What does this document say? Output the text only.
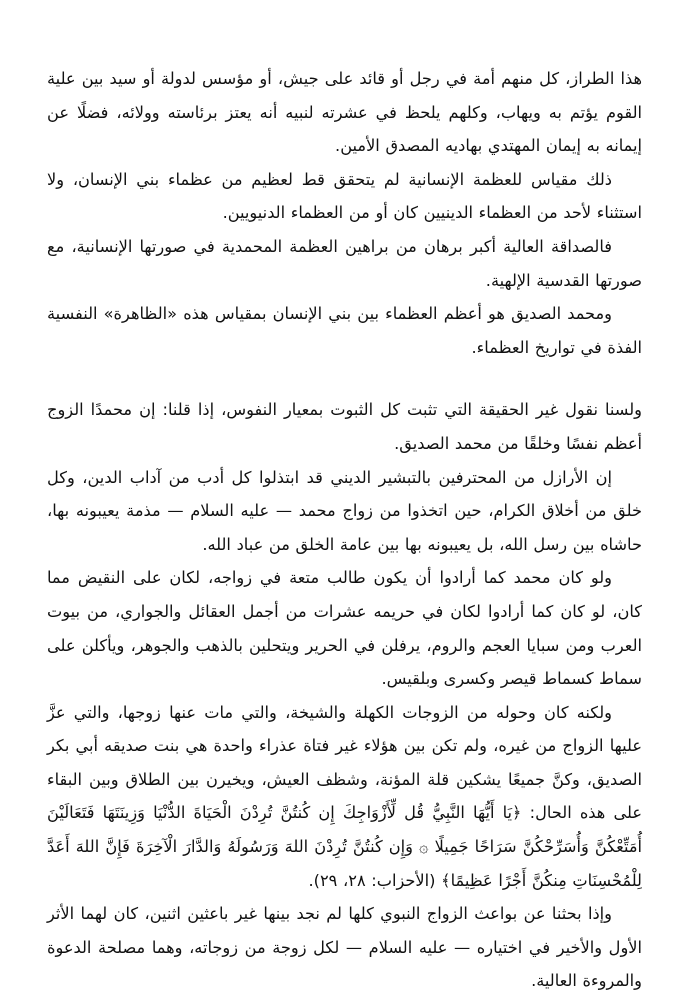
هذا الطراز، كل منهم أمة في رجل أو قائد على جيش، أو مؤسس لدولة أو سيد بين علية القوم يؤتم به ويهاب، وكلهم يلحظ في عشرته لنبيه أنه يعتز برئاسته وولائه، فضلًا عن إيمانه به إيمان المهتدي بهاديه المصدق الأمين.

ذلك مقياس للعظمة الإنسانية لم يتحقق قط لعظيم من عظماء بني الإنسان، ولا استثناء لأحد من العظماء الدينيين كان أو من العظماء الدنيويين.

فالصداقة العالية أكبر برهان من براهين العظمة المحمدية في صورتها الإنسانية، مع صورتها القدسية الإلهية.

ومحمد الصديق هو أعظم العظماء بين بني الإنسان بمقياس هذه «الظاهرة» النفسية الفذة في تواريخ العظماء.

ولسنا نقول غير الحقيقة التي تثبت كل الثبوت بمعيار النفوس، إذا قلنا: إن محمدًا الزوج أعظم نفسًا وخلقًا من محمد الصديق.

إن الأرازل من المحترفين بالتبشير الديني قد ابتذلوا كل أدب من آداب الدين، وكل خلق من أخلاق الكرام، حين اتخذوا من زواج محمد — عليه السلام — مذمة يعيبونه بها، حاشاه بين رسل الله، بل يعيبونه بها بين عامة الخلق من عباد الله.

ولو كان محمد كما أرادوا أن يكون طالب متعة في زواجه، لكان على النقيض مما كان، لو كان كما أرادوا لكان في حريمه عشرات من أجمل العقائل والجواري، من بيوت العرب ومن سبايا العجم والروم، يرفلن في الحرير ويتحلين بالذهب والجوهر، ويأكلن على سماط كسماط قيصر وكسرى وبلقيس.

ولكنه كان وحوله من الزوجات الكهلة والشيخة، والتي مات عنها زوجها، والتي عزَّ عليها الزواج من غيره، ولم تكن بين هؤلاء غير فتاة عذراء واحدة هي بنت صديقه أبي بكر الصديق، وكنَّ جميعًا يشكين قلة المؤنة، وشظف العيش، ويخيرن بين الطلاق وبين البقاء على هذه الحال: ﴿يَا أَيُّهَا النَّبِيُّ قُل لِّأَزْوَاجِكَ إِن كُنتُنَّ تُرِدْنَ الْحَيَاةَ الدُّنْيَا وَزِينَتَهَا فَتَعَالَيْنَ أُمَتِّعْكُنَّ وَأُسَرِّحْكُنَّ سَرَاحًا جَمِيلًا ۞ وَإِن كُنتُنَّ تُرِدْنَ اللهَ وَرَسُولَهُ وَالدَّارَ الْآخِرَةَ فَإِنَّ اللهَ أَعَدَّ لِلْمُحْسِنَاتِ مِنكُنَّ أَجْرًا عَظِيمًا﴾ (الأحزاب: ٢٨، ٢٩).

وإذا بحثنا عن بواعث الزواج النبوي كلها لم نجد بينها غير باعثين اثنين، كان لهما الأثر الأول والأخير في اختياره — عليه السلام — لكل زوجة من زوجاته، وهما مصلحة الدعوة والمروءة العالية.
